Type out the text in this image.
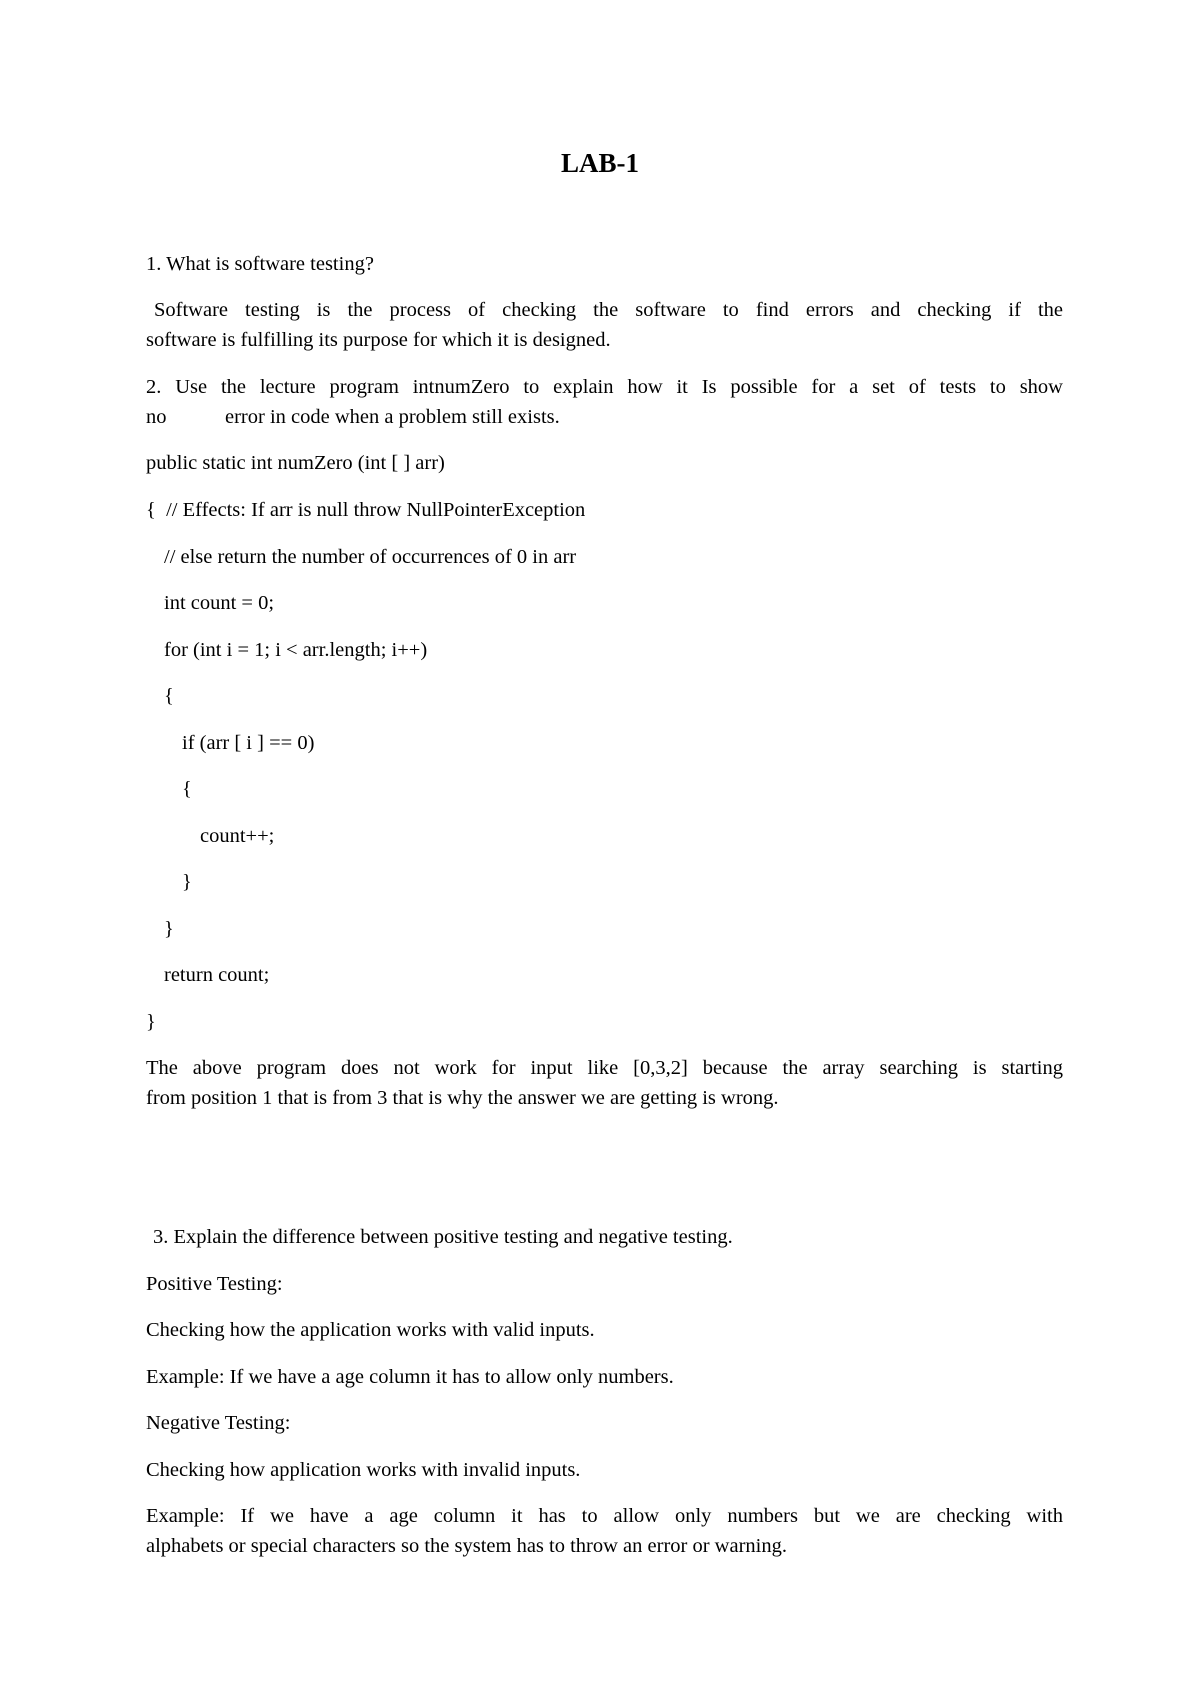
LAB-1
1. What is software testing?
Software testing is the process of checking the software to find errors and checking if the
software is fulfilling its purpose for which it is designed.
2. Use the lecture program intnumZero to explain how it Is possible for a set of tests to show
no	error in code when a problem still exists.
public static int numZero (int [ ] arr)
{  // Effects: If arr is null throw NullPointerException
// else return the number of occurrences of 0 in arr
int count = 0;
for (int i = 1; i < arr.length; i++)
{
if (arr [ i ] == 0)
{
count++;
}
}
return count;
}
The above program does not work for input like [0,3,2] because the array searching is starting
from position 1 that is from 3 that is why the answer we are getting is wrong.
3. Explain the difference between positive testing and negative testing.
Positive Testing:
Checking how the application works with valid inputs.
Example: If we have a age column it has to allow only numbers.
Negative Testing:
Checking how application works with invalid inputs.
Example: If we have a age column it has to allow only numbers but we are checking with
alphabets or special characters so the system has to throw an error or warning.
